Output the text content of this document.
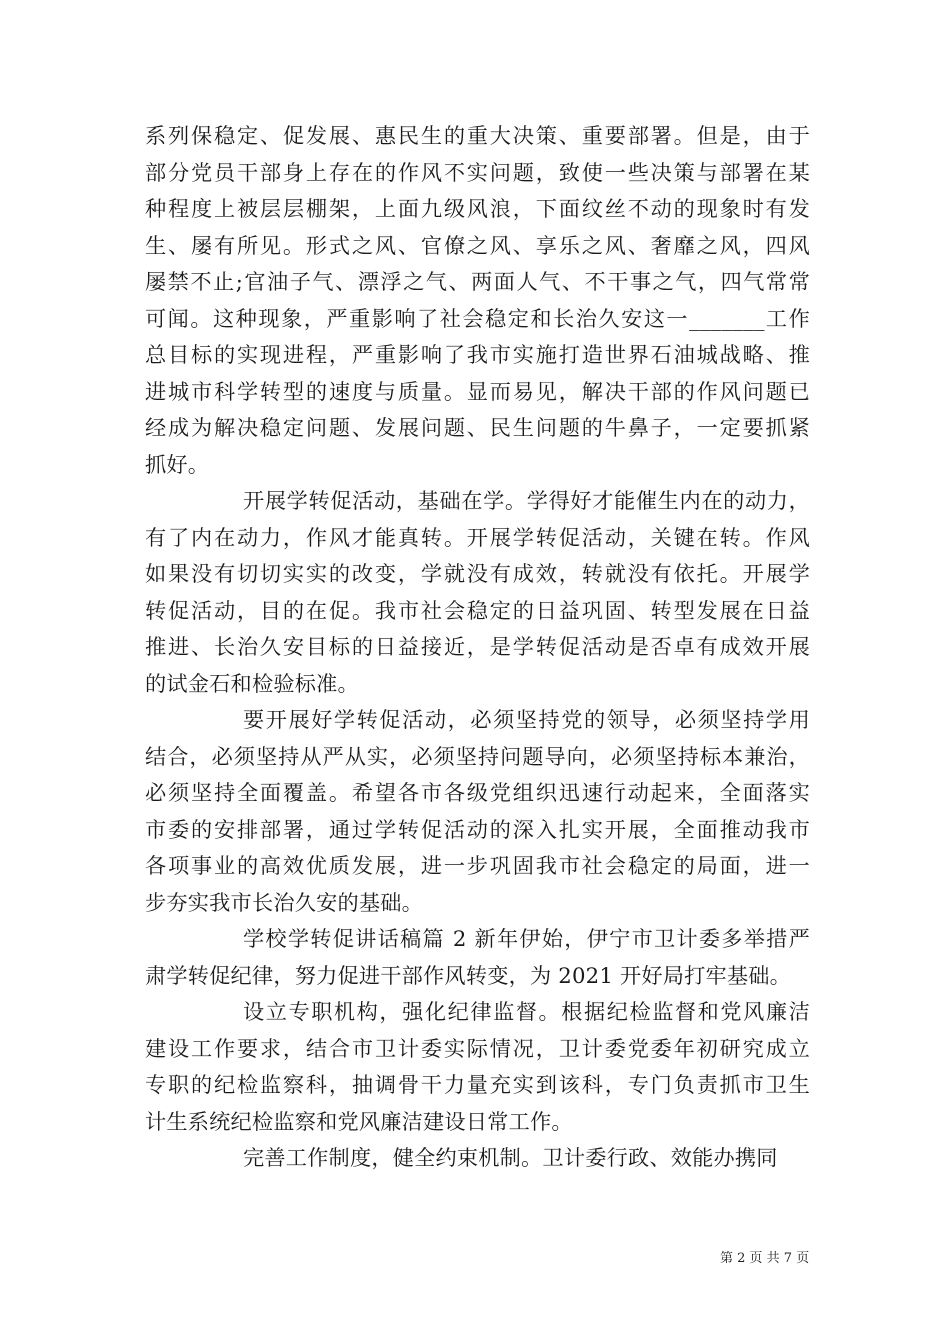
系列保稳定、促发展、惠民生的重大决策、重要部署。但是，由于
部分党员干部身上存在的作风不实问题，致使一些决策与部署在某
种程度上被层层棚架，上面九级风浪，下面纹丝不动的现象时有发
生、屡有所见。形式之风、官僚之风、享乐之风、奢靡之风，四风
屡禁不止;官油子气、漂浮之气、两面人气、不干事之气，四气常常
可闻。这种现象，严重影响了社会稳定和长治久安这一_______工作
总目标的实现进程，严重影响了我市实施打造世界石油城战略、推
进城市科学转型的速度与质量。显而易见，解决干部的作风问题已
经成为解决稳定问题、发展问题、民生问题的牛鼻子，一定要抓紧
抓好。
开展学转促活动，基础在学。学得好才能催生内在的动力，
有了内在动力，作风才能真转。开展学转促活动，关键在转。作风
如果没有切切实实的改变，学就没有成效，转就没有依托。开展学
转促活动，目的在促。我市社会稳定的日益巩固、转型发展在日益
推进、长治久安目标的日益接近，是学转促活动是否卓有成效开展
的试金石和检验标准。
要开展好学转促活动，必须坚持党的领导，必须坚持学用
结合，必须坚持从严从实，必须坚持问题导向，必须坚持标本兼治，
必须坚持全面覆盖。希望各市各级党组织迅速行动起来，全面落实
市委的安排部署，通过学转促活动的深入扎实开展，全面推动我市
各项事业的高效优质发展，进一步巩固我市社会稳定的局面，进一
步夯实我市长治久安的基础。
学校学转促讲话稿篇 2 新年伊始，伊宁市卫计委多举措严
肃学转促纪律，努力促进干部作风转变，为 2021 开好局打牢基础。
设立专职机构，强化纪律监督。根据纪检监督和党风廉洁
建设工作要求，结合市卫计委实际情况，卫计委党委年初研究成立
专职的纪检监察科，抽调骨干力量充实到该科，专门负责抓市卫生
计生系统纪检监察和党风廉洁建设日常工作。
完善工作制度，健全约束机制。卫计委行政、效能办携同
第 2 页 共 7 页
